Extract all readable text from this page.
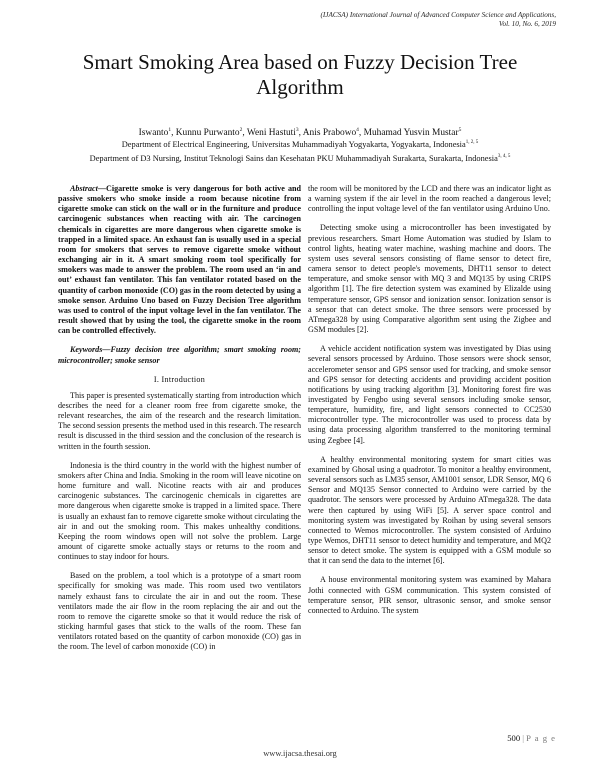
(IJACSA) International Journal of Advanced Computer Science and Applications,
Vol. 10, No. 6, 2019
Smart Smoking Area based on Fuzzy Decision Tree Algorithm
Iswanto$^1$, Kunnu Purwanto$^2$, Weni Hastuti$^3$, Anis Prabowo$^4$, Muhamad Yusvin Mustar$^5$
Department of Electrical Engineering, Universitas Muhammadiyah Yogyakarta, Yogyakarta, Indonesia$^{1, 2, 5}$
Department of D3 Nursing, Institut Teknologi Sains dan Kesehatan PKU Muhammadiyah Surakarta, Surakarta, Indonesia$^{3, 4, 5}$

Abstract—Cigarette smoke is very dangerous for both active and passive smokers who smoke inside a room because nicotine from cigarette smoke can stick on the wall or in the furniture and produce carcinogenic substances when reacting with air. The carcinogen chemicals in cigarettes are more dangerous when cigarette smoke is trapped in a limited space. An exhaust fan is usually used in a special room for smokers that serves to remove cigarette smoke without exchanging air in it. A smart smoking room tool specifically for smokers was made to answer the problem. The room used an ‘in and out’ exhaust fan ventilator. This fan ventilator rotated based on the quantity of carbon monoxide (CO) gas in the room detected by using a smoke sensor. Arduino Uno based on Fuzzy Decision Tree algorithm was used to control of the input voltage level in the fan ventilator. The result showed that by using the tool, the cigarette smoke in the room can be controlled effectively.

Keywords—Fuzzy decision tree algorithm; smart smoking room; microcontroller; smoke sensor

I. Introduction

This paper is presented systematically starting from introduction which describes the need for a cleaner room free from cigarette smoke, the relevant researches, the aim of the research and the research limitation. The second session presents the method used in this research. The research result is discussed in the third session and the conclusion of the research is written in the fourth session.

Indonesia is the third country in the world with the highest number of smokers after China and India. Smoking in the room will leave nicotine on home furniture and wall. Nicotine reacts with air and produces carcinogenic substances. The carcinogenic chemicals in cigarettes are more dangerous when cigarette smoke is trapped in a limited space. There is usually an exhaust fan to remove cigarette smoke without circulating the air in and out the smoking room. This makes unhealthy conditions. Keeping the room windows open will not solve the problem. Large amount of cigarette smoke actually stays or returns to the room and continues to stay indoor for hours.

Based on the problem, a tool which is a prototype of a smart room specifically for smoking was made. This room used two ventilators namely exhaust fans to circulate the air in and out the room. These ventilators made the air flow in the room replacing the air and out the room to remove the cigarette smoke so that it would reduce the risk of sticking harmful gases that stick to the walls of the room. These fan ventilators rotated based on the quantity of carbon monoxide (CO) gas in the room. The level of carbon monoxide (CO) in

the room will be monitored by the LCD and there was an indicator light as a warning system if the air level in the room reached a dangerous level; controlling the input voltage level of the fan ventilator using Arduino Uno.

Detecting smoke using a microcontroller has been investigated by previous researchers. Smart Home Automation was studied by Islam to control lights, heating water machine, washing machine and doors. The system uses several sensors consisting of flame sensor to detect fire, camera sensor to detect people's movements, DHT11 sensor to detect temperature, and smoke sensor with MQ 3 and MQ135 by using CRIPS algorithm [1]. The fire detection system was examined by Elizalde using temperature sensor, GPS sensor and ionization sensor. Ionization sensor is a sensor that can detect smoke. The three sensors were processed by ATmega328 by using Comparative algorithm sent using the Zigbee and GSM modules [2].

A vehicle accident notification system was investigated by Dias using several sensors processed by Arduino. Those sensors were shock sensor, accelerometer sensor and GPS sensor used for tracking, and smoke sensor and GPS sensor for detecting accidents and providing accident position notifications by using tracking algorithm [3]. Monitoring forest fire was investigated by Fengbo using several sensors including smoke sensor, temperature, humidity, fire, and light sensors connected to CC2530 microcontroller type. The microcontroller was used to process data by using data processing algorithm transferred to the monitoring terminal using Zegbee [4].

A healthy environmental monitoring system for smart cities was examined by Ghosal using a quadrotor. To monitor a healthy environment, several sensors such as LM35 sensor, AM1001 sensor, LDR Sensor, MQ 6 Sensor and MQ135 Sensor connected to Arduino were carried by the quadrotor. The sensors were processed by Arduino ATmega328. The data were then captured by using WiFi [5]. A server space control and monitoring system was investigated by Roihan by using several sensors connected to Wemos microcontroller. The system consisted of Arduino type Wemos, DHT11 sensor to detect humidity and temperature, and MQ2 sensor to detect smoke. The system is equipped with a GSM module so that it can send the data to the internet [6].

A house environmental monitoring system was examined by Mahara Jothi connected with GSM communication. This system consisted of temperature sensor, PIR sensor, ultrasonic sensor, and smoke sensor connected to Arduino. The system

500 | P a g e
www.ijacsa.thesai.org
